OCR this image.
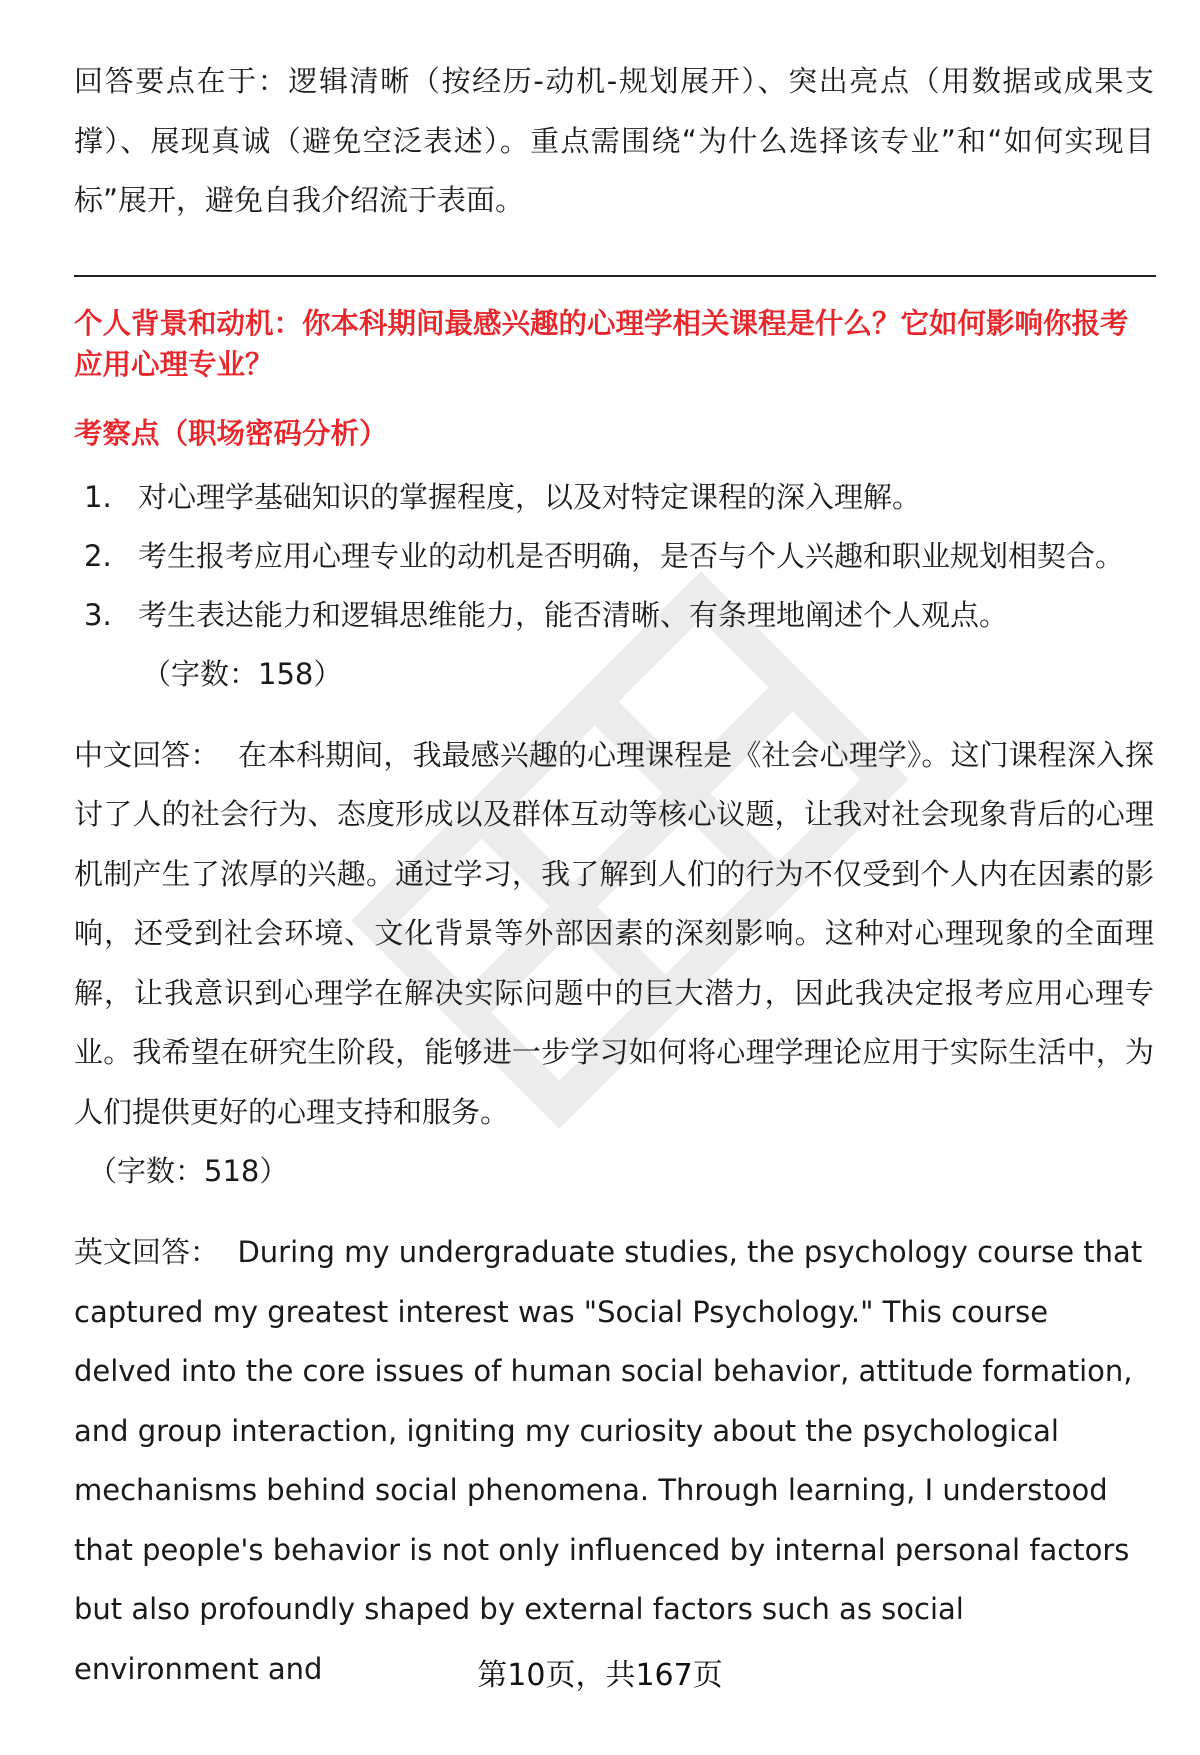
回答要点在于：逻辑清晰（按经历-动机-规划展开）、突出亮点（用数据或成果支撑）、展现真诚（避免空泛表述）。重点需围绕“为什么选择该专业”和“如何实现目标”展开，避免自我介绍流于表面。

个人背景和动机：你本科期间最感兴趣的心理学相关课程是什么？它如何影响你报考应用心理专业？

考察点（职场密码分析）

1. 对心理学基础知识的掌握程度，以及对特定课程的深入理解。
2. 考生报考应用心理专业的动机是否明确，是否与个人兴趣和职业规划相契合。
3. 考生表达能力和逻辑思维能力，能否清晰、有条理地阐述个人观点。

（字数：158）

中文回答： 在本科期间，我最感兴趣的心理课程是《社会心理学》。这门课程深入探讨了人的社会行为、态度形成以及群体互动等核心议题，让我对社会现象背后的心理机制产生了浓厚的兴趣。通过学习，我了解到人们的行为不仅受到个人内在因素的影响，还受到社会环境、文化背景等外部因素的深刻影响。这种对心理现象的全面理解，让我意识到心理学在解决实际问题中的巨大潜力，因此我决定报考应用心理专业。我希望在研究生阶段，能够进一步学习如何将心理学理论应用于实际生活中，为人们提供更好的心理支持和服务。

（字数：518）

英文回答： During my undergraduate studies, the psychology course that captured my greatest interest was "Social Psychology." This course delved into the core issues of human social behavior, attitude formation, and group interaction, igniting my curiosity about the psychological mechanisms behind social phenomena. Through learning, I understood that people's behavior is not only influenced by internal personal factors but also profoundly shaped by external factors such as social environment and	第10页，共167页
